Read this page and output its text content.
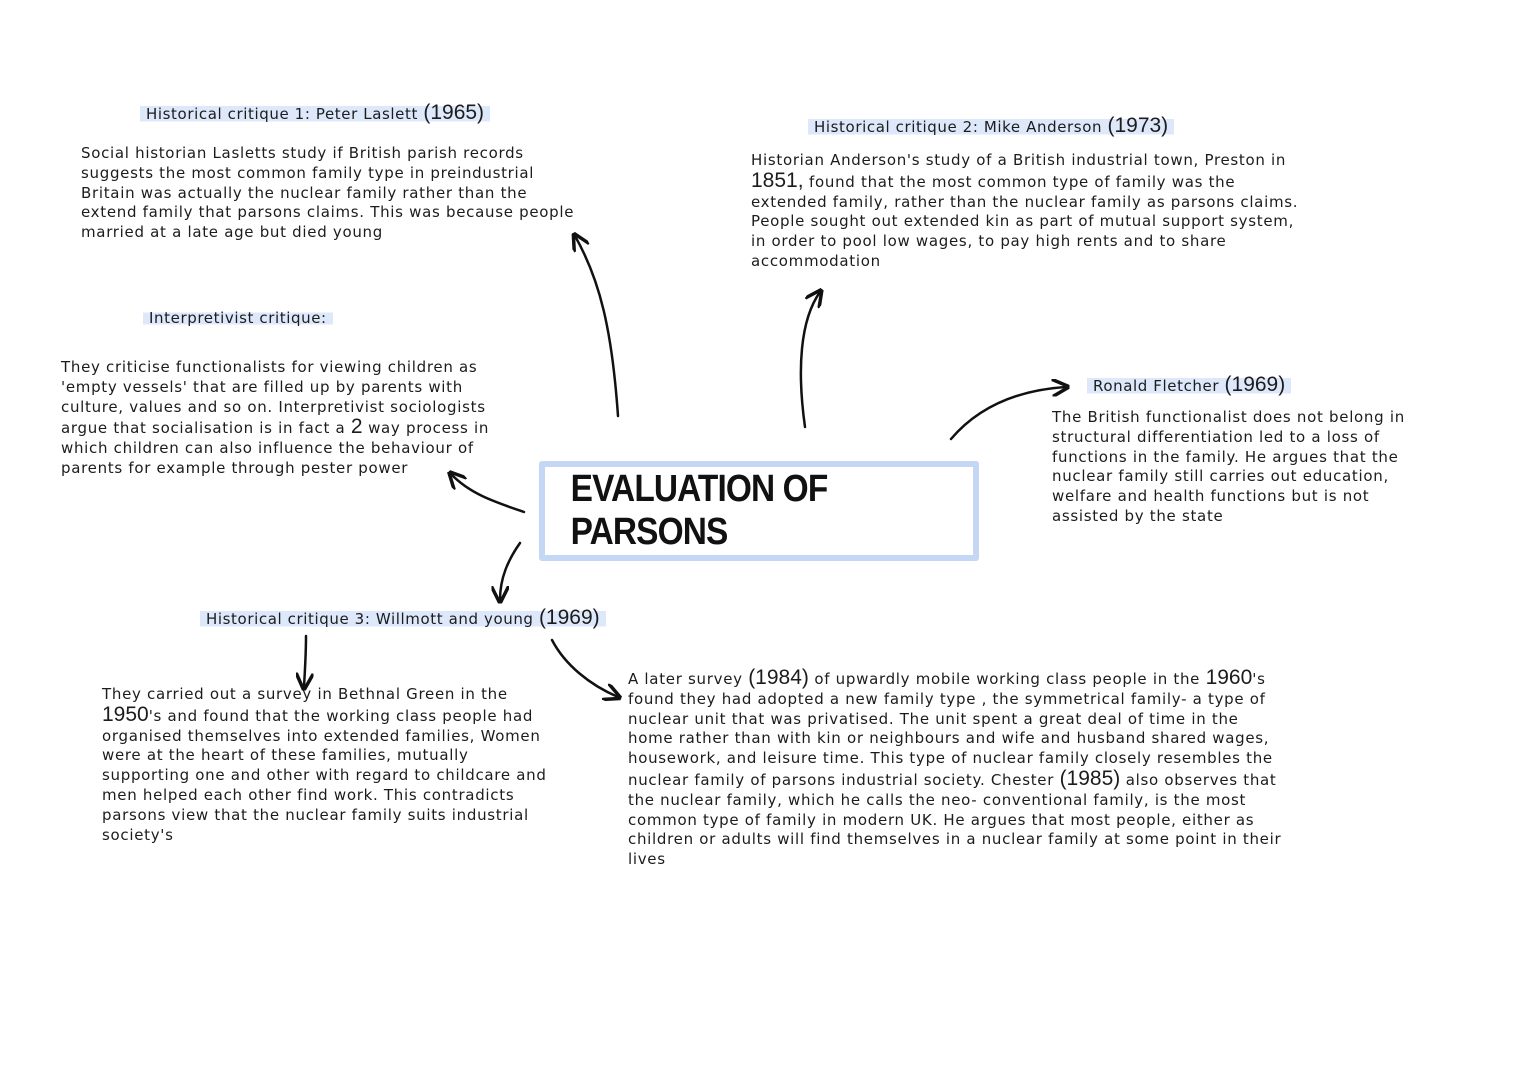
EVALUATION OF PARSONS
Historical critique 1: Peter Laslett (1965)
Social historian Lasletts study if British parish records
suggests the most common family type in preindustrial
Britain was actually the nuclear family rather than the
extend family that parsons claims. This was because people
married at a late age but died young
Historical critique 2: Mike Anderson (1973)
Historian Anderson's study of a British industrial town, Preston in
1851, found that the most common type of family was the
extended family, rather than the nuclear family as parsons claims.
People sought out extended kin as part of mutual support system,
in order to pool low wages, to pay high rents and to share
accommodation
Interpretivist critique:
They criticise functionalists for viewing children as
'empty vessels' that are filled up by parents with
culture, values and so on. Interpretivist sociologists
argue that socialisation is in fact a 2 way process in
which children can also influence the behaviour of
parents for example through pester power
Ronald Fletcher (1969)
The British functionalist does not belong in
structural differentiation led to a loss of
functions in the family. He argues that the
nuclear family still carries out education,
welfare and health functions but is not
assisted by the state
Historical critique 3: Willmott and young (1969)
They carried out a survey in Bethnal Green in the
1950's and found that the working class people had
organised themselves into extended families, Women
were at the heart of these families, mutually
supporting one and other with regard to childcare and
men helped each other find work. This contradicts
parsons view that the nuclear family suits industrial
society's
A later survey (1984) of upwardly mobile working class people in the 1960's
found they had adopted a new family type , the symmetrical family- a type of
nuclear unit that was privatised. The unit spent a great deal of time in the
home rather than with kin or neighbours and wife and husband shared wages,
housework, and leisure time. This type of nuclear family closely resembles the
nuclear family of parsons industrial society. Chester (1985) also observes that
the nuclear family, which he calls the neo- conventional family, is the most
common type of family in modern UK. He argues that most people, either as
children or adults will find themselves in a nuclear family at some point in their
lives
